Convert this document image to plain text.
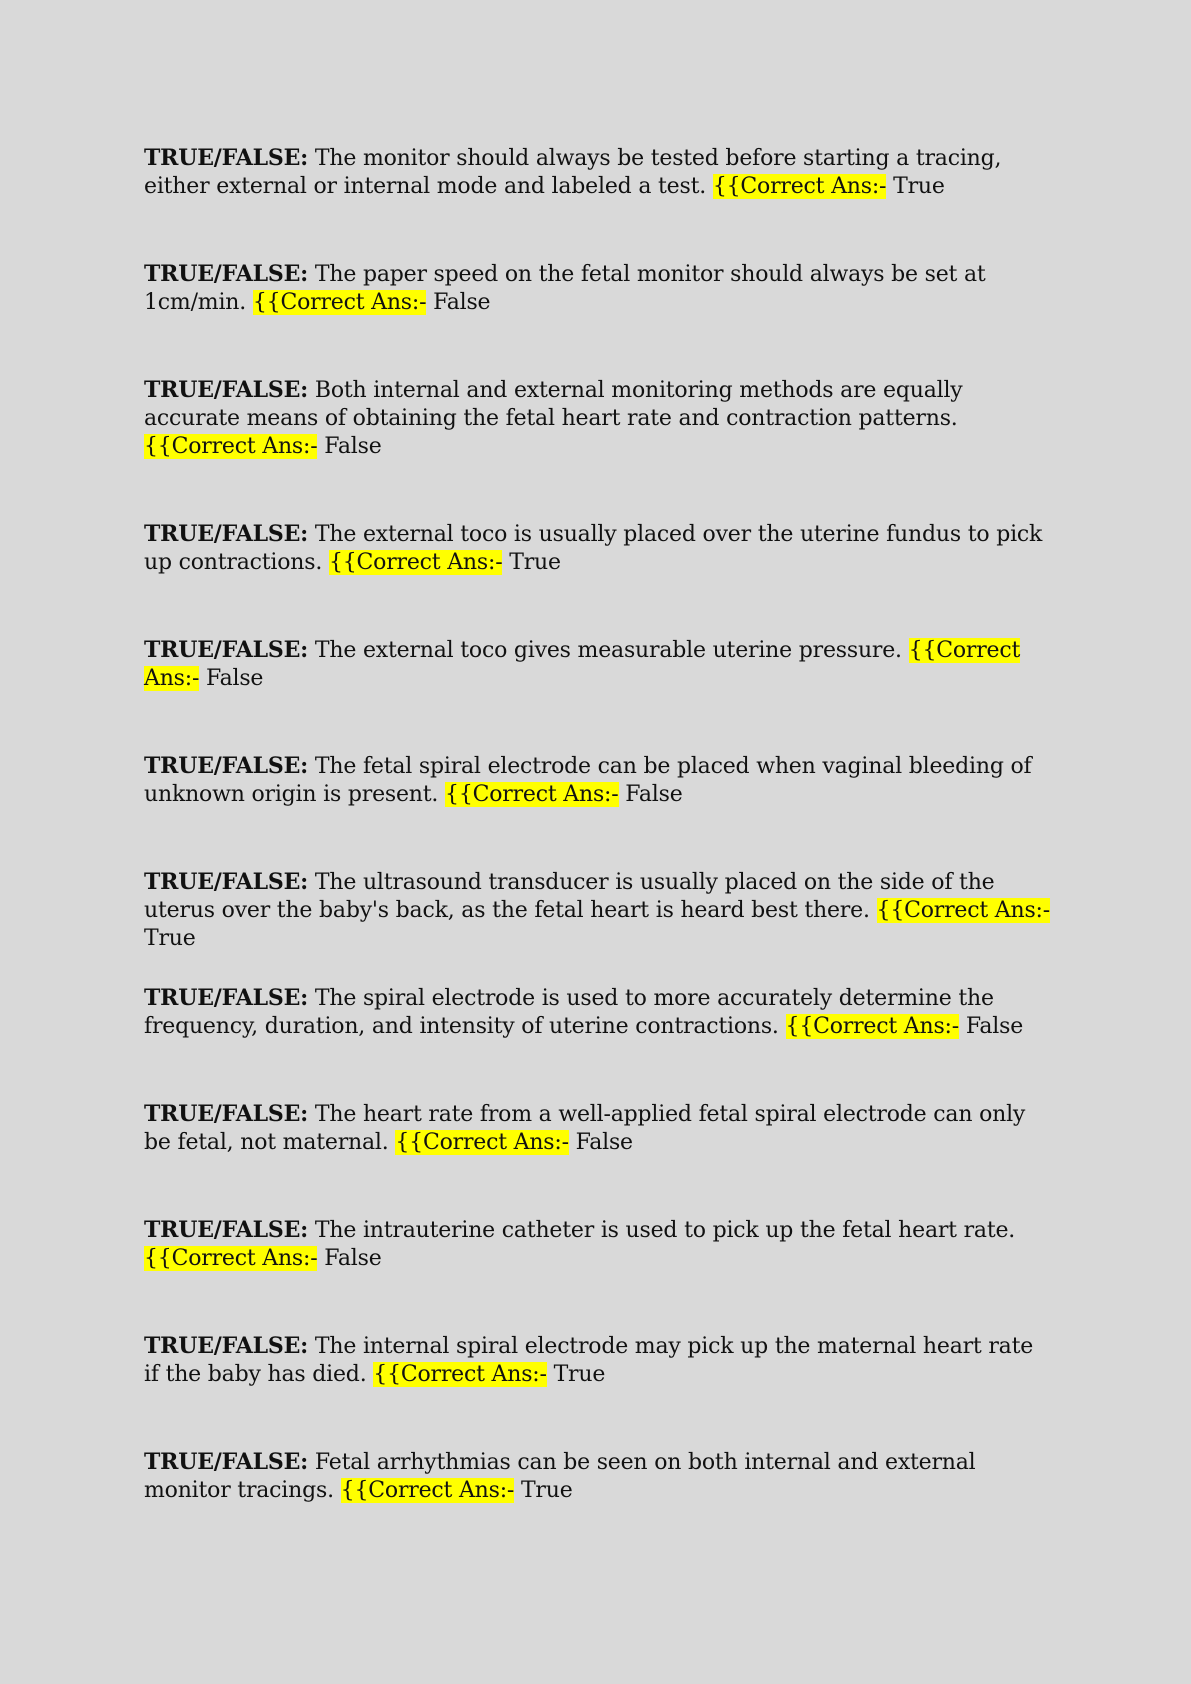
TRUE/FALSE: The monitor should always be tested before starting a tracing, either external or internal mode and labeled a test. {{Correct Ans:- True
TRUE/FALSE: The paper speed on the fetal monitor should always be set at 1cm/min. {{Correct Ans:- False
TRUE/FALSE: Both internal and external monitoring methods are equally accurate means of obtaining the fetal heart rate and contraction patterns. {{Correct Ans:- False
TRUE/FALSE: The external toco is usually placed over the uterine fundus to pick up contractions. {{Correct Ans:- True
TRUE/FALSE: The external toco gives measurable uterine pressure. {{Correct Ans:- False
TRUE/FALSE: The fetal spiral electrode can be placed when vaginal bleeding of unknown origin is present. {{Correct Ans:- False
TRUE/FALSE: The ultrasound transducer is usually placed on the side of the uterus over the baby's back, as the fetal heart is heard best there. {{Correct Ans:- True
TRUE/FALSE: The spiral electrode is used to more accurately determine the frequency, duration, and intensity of uterine contractions. {{Correct Ans:- False
TRUE/FALSE: The heart rate from a well-applied fetal spiral electrode can only be fetal, not maternal. {{Correct Ans:- False
TRUE/FALSE: The intrauterine catheter is used to pick up the fetal heart rate. {{Correct Ans:- False
TRUE/FALSE: The internal spiral electrode may pick up the maternal heart rate if the baby has died. {{Correct Ans:- True
TRUE/FALSE: Fetal arrhythmias can be seen on both internal and external monitor tracings. {{Correct Ans:- True
